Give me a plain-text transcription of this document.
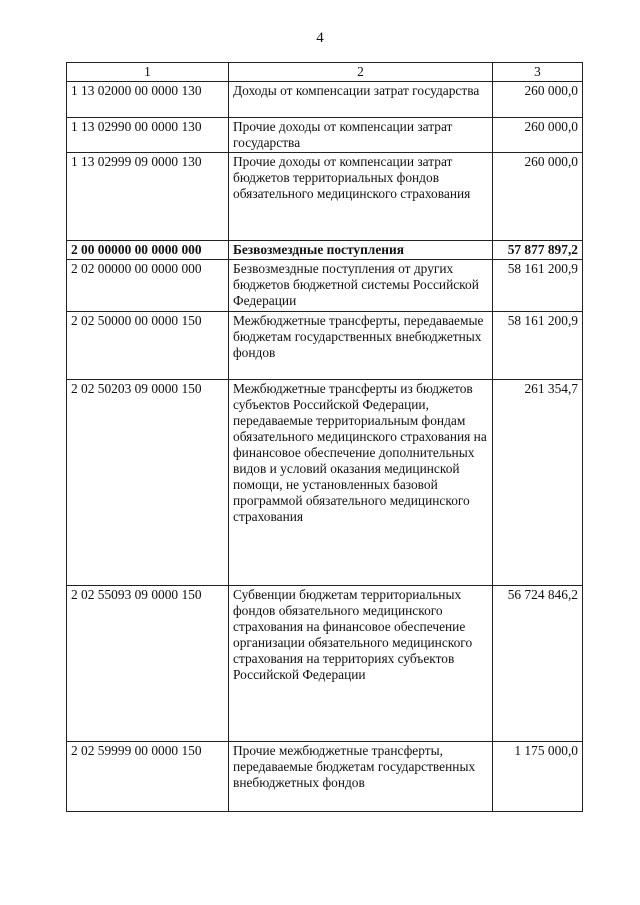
4
1	2	3
1 13 02000 00 0000 130	Доходы от компенсации затрат государства	260 000,0
1 13 02990 00 0000 130	Прочие доходы от компенсации затрат государства	260 000,0
1 13 02999 09 0000 130	Прочие доходы от компенсации затрат бюджетов территориальных фондов обязательного медицинского страхования	260 000,0
2 00 00000 00 0000 000	Безвозмездные поступления	57 877 897,2
2 02 00000 00 0000 000	Безвозмездные поступления от других бюджетов бюджетной системы Российской Федерации	58 161 200,9
2 02 50000 00 0000 150	Межбюджетные трансферты, передаваемые бюджетам государственных внебюджетных фондов	58 161 200,9
2 02 50203 09 0000 150	Межбюджетные трансферты из бюджетов субъектов Российской Федерации, передаваемые территориальным фондам обязательного медицинского страхования на финансовое обеспечение дополнительных видов и условий оказания медицинской помощи, не установленных базовой программой обязательного медицинского страхования	261 354,7
2 02 55093 09 0000 150	Субвенции бюджетам территориальных фондов обязательного медицинского страхования на финансовое обеспечение организации обязательного медицинского страхования на территориях субъектов Российской Федерации	56 724 846,2
2 02 59999 00 0000 150	Прочие межбюджетные трансферты, передаваемые бюджетам государственных внебюджетных фондов	1 175 000,0
